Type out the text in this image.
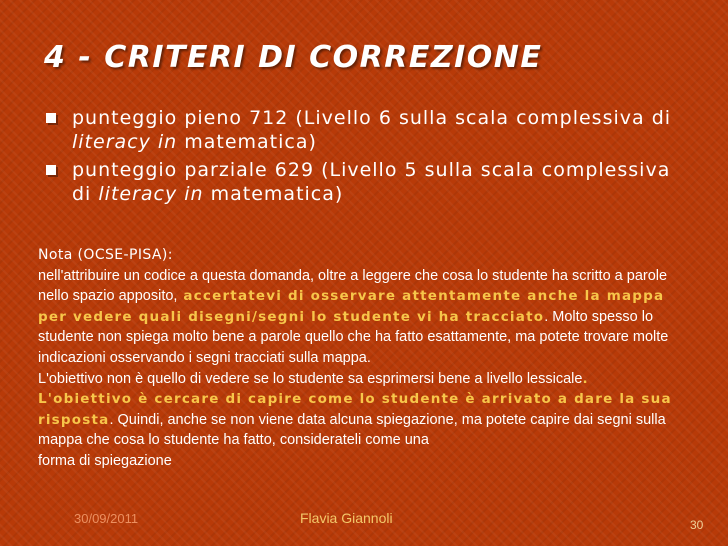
4 - CRITERI DI CORREZIONE
punteggio pieno 712 (Livello 6 sulla scala complessiva di literacy in matematica)
punteggio parziale 629 (Livello 5 sulla scala complessiva di literacy in matematica)
Nota (OCSE-PISA):
nell'attribuire un codice a questa domanda, oltre a leggere che cosa lo studente ha scritto a parole nello spazio apposito, accertatevi di osservare attentamente anche la mappa per vedere quali disegni/segni lo studente vi ha tracciato. Molto spesso lo studente non spiega molto bene a parole quello che ha fatto esattamente, ma potete trovare molte indicazioni osservando i segni tracciati sulla mappa.
L'obiettivo non è quello di vedere se lo studente sa esprimersi bene a livello lessicale. L'obiettivo è cercare di capire come lo studente è arrivato a dare la sua risposta. Quindi, anche se non viene data alcuna spiegazione, ma potete capire dai segni sulla mappa che cosa lo studente ha fatto, considerateli come una
forma di spiegazione
30/09/2011	Flavia Giannoli	30
